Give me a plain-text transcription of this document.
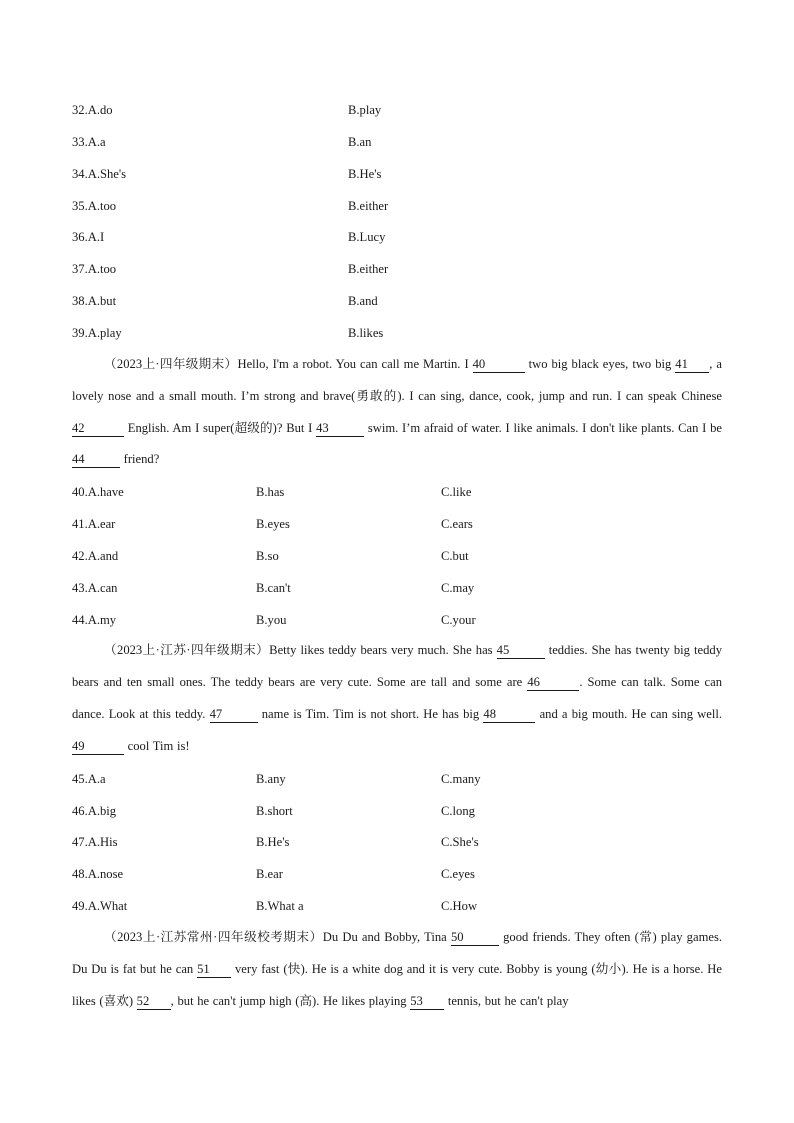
32.A.do	B.play
33.A.a	B.an
34.A.She's	B.He's
35.A.too	B.either
36.A.I	B.Lucy
37.A.too	B.either
38.A.but	B.and
39.A.play	B.likes

（2023上·四年级期末）Hello, I'm a robot. You can call me Martin. I 40	two big black eyes, two big 41 , a lovely nose and a small mouth. I’m strong and brave(勇敢的). I can sing, dance, cook, jump and run. I can speak Chinese 42	English. Am I super(超级的)? But I 43	swim. I’m afraid of water. I like animals. I don't like plants. Can I be 44	friend?

40.A.have	B.has	C.like
41.A.ear	B.eyes	C.ears
42.A.and	B.so	C.but
43.A.can	B.can't	C.may
44.A.my	B.you	C.your

（2023上·江苏·四年级期末）Betty likes teddy bears very much. She has 45	teddies. She has twenty big teddy bears and ten small ones. The teddy bears are very cute. Some are tall and some are 46	. Some can talk. Some can dance. Look at this teddy. 47	name is Tim. Tim is not short. He has big 48	and a big mouth. He can sing well. 49	cool Tim is!

45.A.a	B.any	C.many
46.A.big	B.short	C.long
47.A.His	B.He's	C.She's
48.A.nose	B.ear	C.eyes
49.A.What	B.What a	C.How

（2023上·江苏常州·四年级校考期末）Du Du and Bobby, Tina 50	good friends. They often (常) play games. Du Du is fat but he can 51 very fast (快). He is a white dog and it is very cute. Bobby is young (幼小). He is a horse. He likes (喜欢) 52 , but he can't jump high (高). He likes playing 53 tennis, but he can't play
